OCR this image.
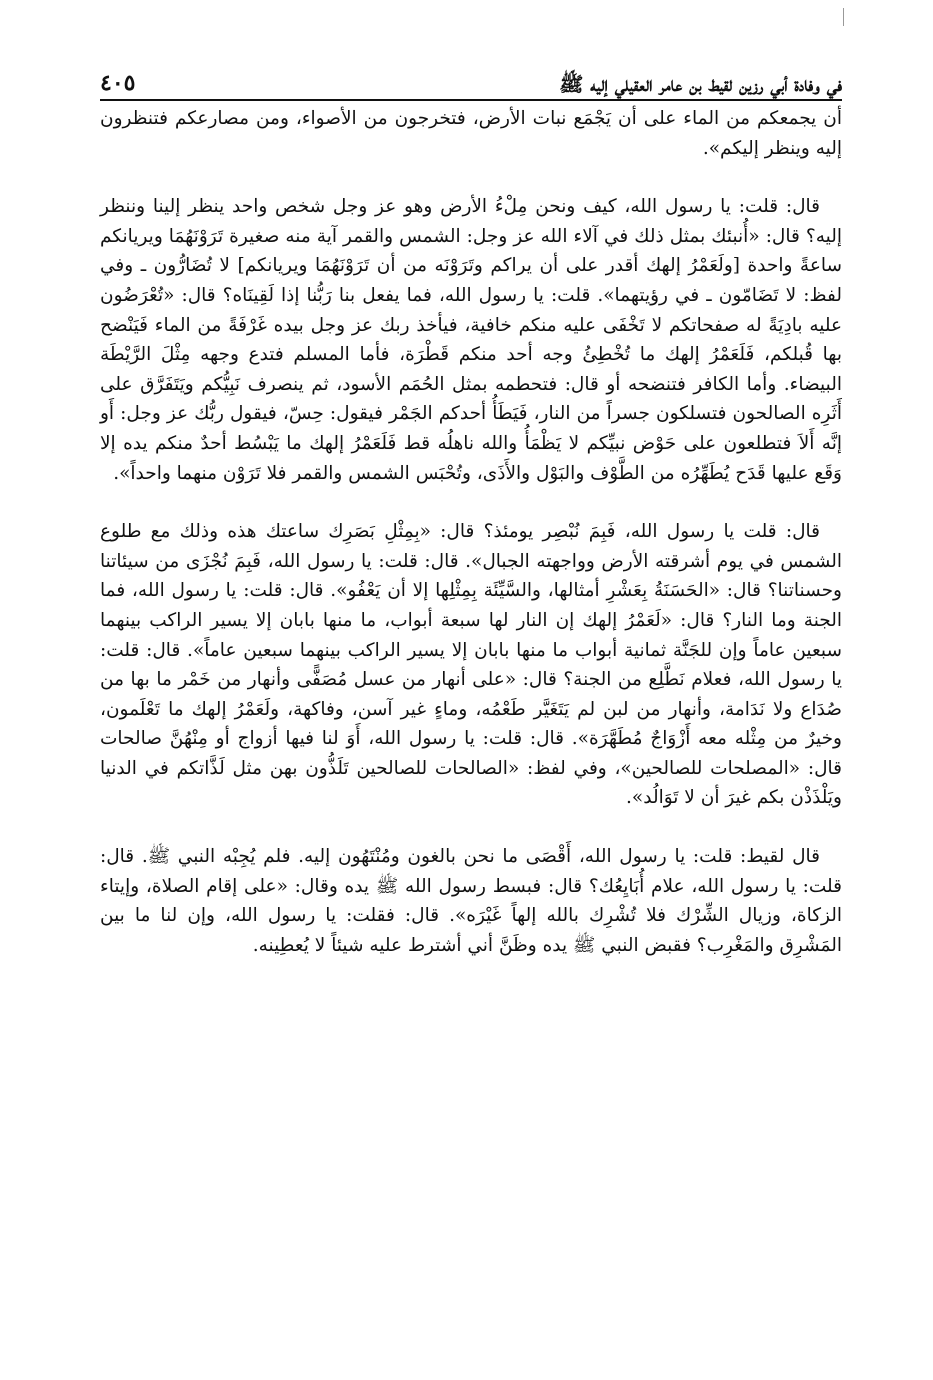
في وفادة أبي رزين لقيط بن عامر العقيلي إليه ﷺ
٤٠٥

أن يجمعكم من الماء على أن يَجْمَع نبات الأرض، فتخرجون من الأصواء، ومن مصارعكم فتنظرون إليه وينظر إليكم».

قال: قلت: يا رسول الله، كيف ونحن مِلْءُ الأرض وهو عز وجل شخص واحد ينظر إلينا وننظر إليه؟ قال: «أُنبئك بمثل ذلك في آلاء الله عز وجل: الشمس والقمر آية منه صغيرة تَرَوْنَهُمَا ويريانكم ساعةً واحدة [ولَعَمْرُ إلهك أقدر على أن يراكم وتَرَوْنَه من أن تَرَوْنَهُمَا ويريانكم] لا تُضَارُّون ـ وفي لفظ: لا تَضَامّون ـ في رؤيتهما». قلت: يا رسول الله، فما يفعل بنا رَبُّنا إذا لَقِينَاه؟ قال: «تُعْرَضُون عليه بادِيَةً له صفحاتكم لا تَخْفَى عليه منكم خافية، فيأخذ ربك عز وجل بيده غَرْفَةً من الماء فَيَنْضح بها قُبلكم، فَلَعَمْرُ إلهك ما تُخْطِئُ وجه أحد منكم قَطْرَة، فأما المسلم فتدع وجهه مِثْلَ الرَّيْطَة البيضاء. وأما الكافر فتنضحه أو قال: فتحطمه بمثل الحُمَم الأسود، ثم ينصرف نَبِيُّكم ويَتَفَرَّق على أَثَرِه الصالحون فتسلكون جسراً من النار، فَيَطَأُ أحدكم الجَمْر فيقول: حِسّ، فيقول ربُّك عز وجل: أَو إنَّه أَلاَ فتطلعون على حَوْض نبيِّكم لا يَظْمَأُ والله ناهلُه قط فَلَعَمْرُ إلهك ما يَبْسُط أحدٌ منكم يده إلا وَقَع عليها قَدَح يُطَهِّرُه من الطَّوْف والبَوْل والأَذَى، وتُحْبَس الشمس والقمر فلا تَرَوْن منهما واحداً».

قال: قلت يا رسول الله، فَبِمَ نُبْصِر يومئذ؟ قال: «بِمِثْلِ بَصَرِك ساعتك هذه وذلك مع طلوع الشمس في يوم أشرقته الأرض وواجهته الجبال». قال: قلت: يا رسول الله، فَبِمَ نُجْزَى من سيئاتنا وحسناتنا؟ قال: «الحَسَنَةُ بِعَشْرِ أمثالها، والسَّيِّئَة بِمِثْلِها إلا أن يَعْفُو». قال: قلت: يا رسول الله، فما الجنة وما النار؟ قال: «لَعَمْرُ إلهك إن النار لها سبعة أبواب، ما منها بابان إلا يسير الراكب بينهما سبعين عاماً وإن للجَنَّة ثمانية أبواب ما منها بابان إلا يسير الراكب بينهما سبعين عاماً». قال: قلت: يا رسول الله، فعلام نَطَّلِع من الجنة؟ قال: «على أنهار من عسل مُصَفًّى وأنهار من خَمْر ما بها من صُدَاع ولا نَدَامة، وأنهار من لبن لم يَتَغَيَّر طَعْمُه، وماءٍ غير آسن، وفاكهة، ولَعَمْرُ إلهك ما تَعْلَمون، وخيرٌ من مِثْله معه أَزْوَاجٌ مُطَهَّرَة». قال: قلت: يا رسول الله، أَوَ لنا فيها أزواج أو مِنْهُنَّ صالحات قال: «المصلحات للصالحين»، وفي لفظ: «الصالحات للصالحين تَلَذُّون بهن مثل لَذَّاتكم في الدنيا ويَلْذَذْن بكم غيرَ أن لا تَوَالُد».

قال لقيط: قلت: يا رسول الله، أَقْصَى ما نحن بالغون ومُنْتَهُون إليه. فلم يُجِبْه النبي ﷺ. قال: قلت: يا رسول الله، علام أُبَايِعُك؟ قال: فبسط رسول الله ﷺ يده وقال: «على إقام الصلاة، وإيتاء الزكاة، وزيال الشِّرْك فلا تُشْرِك بالله إلهاً غَيْرَه». قال: فقلت: يا رسول الله، وإن لنا ما بين المَشْرِق والمَغْرِب؟ فقبض النبي ﷺ يده وظَنَّ أني أشترط عليه شيئاً لا يُعطِينه.
